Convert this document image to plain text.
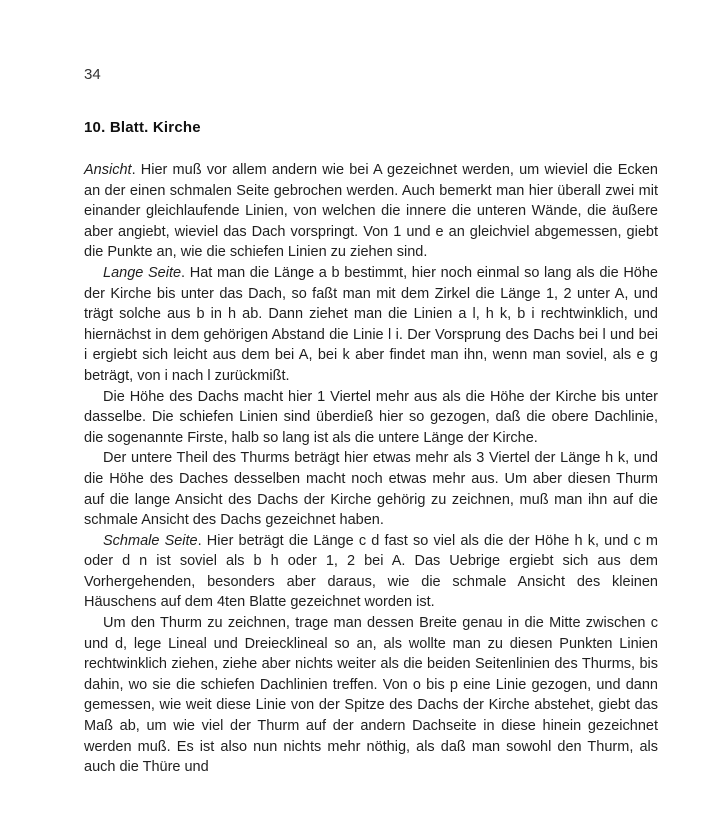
34
10. Blatt. Kirche

Ansicht. Hier muß vor allem andern wie bei A gezeichnet werden, um wieviel die Ecken an der einen schmalen Seite gebrochen werden. Auch bemerkt man hier überall zwei mit einander gleichlaufende Linien, von welchen die innere die unteren Wände, die äußere aber angiebt, wieviel das Dach vorspringt. Von 1 und e an gleichviel abgemessen, giebt die Punkte an, wie die schiefen Linien zu ziehen sind.

Lange Seite. Hat man die Länge a b bestimmt, hier noch einmal so lang als die Höhe der Kirche bis unter das Dach, so faßt man mit dem Zirkel die Länge 1, 2 unter A, und trägt solche aus b in h ab. Dann ziehet man die Linien a l, h k, b i rechtwinklich, und hiernächst in dem gehörigen Abstand die Linie l i. Der Vorsprung des Dachs bei l und bei i ergiebt sich leicht aus dem bei A, bei k aber findet man ihn, wenn man soviel, als e g beträgt, von i nach l zurückmißt.

Die Höhe des Dachs macht hier 1 Viertel mehr aus als die Höhe der Kirche bis unter dasselbe. Die schiefen Linien sind überdieß hier so gezogen, daß die obere Dachlinie, die sogenannte Firste, halb so lang ist als die untere Länge der Kirche.

Der untere Theil des Thurms beträgt hier etwas mehr als 3 Viertel der Länge h k, und die Höhe des Daches desselben macht noch etwas mehr aus. Um aber diesen Thurm auf die lange Ansicht des Dachs der Kirche gehörig zu zeichnen, muß man ihn auf die schmale Ansicht des Dachs gezeichnet haben.

Schmale Seite. Hier beträgt die Länge c d fast so viel als die der Höhe h k, und c m oder d n ist soviel als b h oder 1, 2 bei A. Das Uebrige ergiebt sich aus dem Vorhergehenden, besonders aber daraus, wie die schmale Ansicht des kleinen Häuschens auf dem 4ten Blatte gezeichnet worden ist.

Um den Thurm zu zeichnen, trage man dessen Breite genau in die Mitte zwischen c und d, lege Lineal und Dreiecklineal so an, als wollte man zu diesen Punkten Linien rechtwinklich ziehen, ziehe aber nichts weiter als die beiden Seitenlinien des Thurms, bis dahin, wo sie die schiefen Dachlinien treffen. Von o bis p eine Linie gezogen, und dann gemessen, wie weit diese Linie von der Spitze des Dachs der Kirche abstehet, giebt das Maß ab, um wie viel der Thurm auf der andern Dachseite in diese hinein gezeichnet werden muß. Es ist also nun nichts mehr nöthig, als daß man sowohl den Thurm, als auch die Thüre und
